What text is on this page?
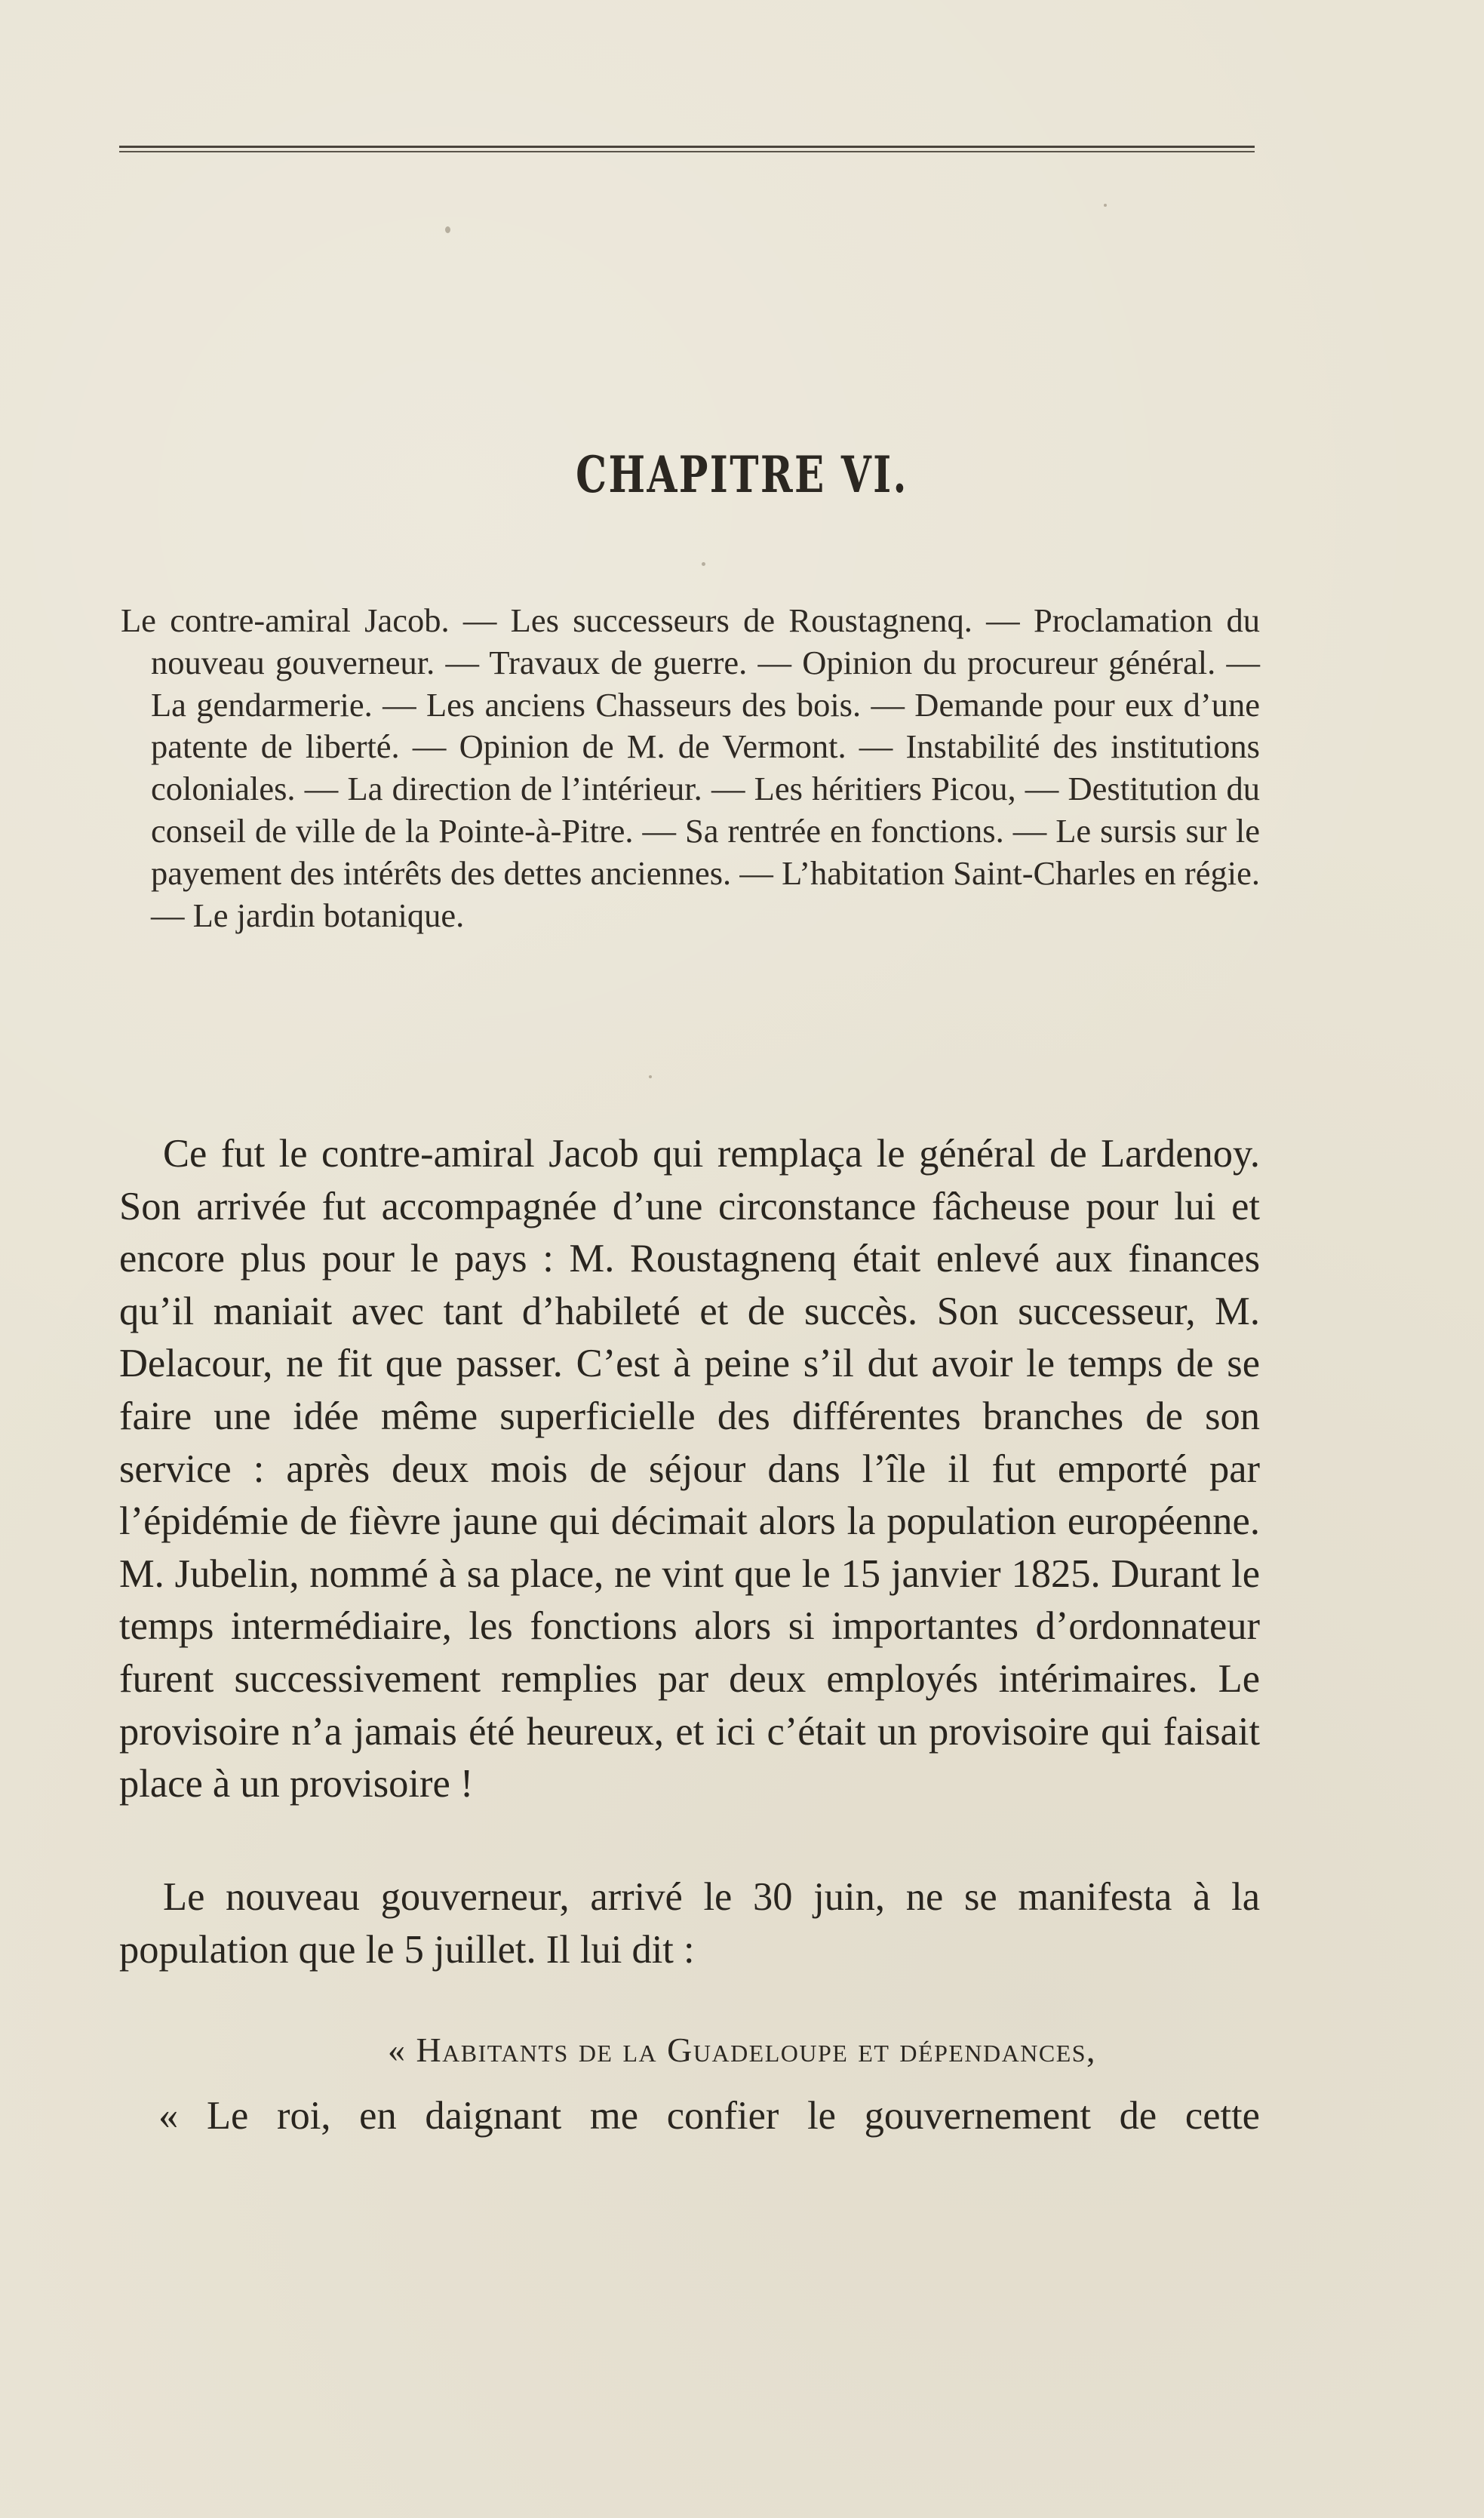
CHAPITRE VI.
Le contre-amiral Jacob. — Les successeurs de Roustagnenq. — Proclamation du nouveau gouverneur. — Travaux de guerre. — Opinion du procureur général. — La gendarmerie. — Les anciens Chasseurs des bois. — Demande pour eux d’une patente de liberté. — Opinion de M. de Vermont. — Instabilité des institutions coloniales. — La direction de l’intérieur. — Les héritiers Picou, — Destitution du conseil de ville de la Pointe-à-Pitre. — Sa rentrée en fonctions. — Le sursis sur le payement des intérêts des dettes anciennes. — L’habitation Saint-Charles en régie. — Le jardin botanique.
Ce fut le contre-amiral Jacob qui remplaça le général de Lardenoy. Son arrivée fut accompagnée d’une circonstance fâcheuse pour lui et encore plus pour le pays : M. Roustagnenq était enlevé aux finances qu’il maniait avec tant d’habileté et de succès. Son successeur, M. Delacour, ne fit que passer. C’est à peine s’il dut avoir le temps de se faire une idée même superficielle des différentes branches de son service : après deux mois de séjour dans l’île il fut emporté par l’épidémie de fièvre jaune qui décimait alors la population européenne. M. Jubelin, nommé à sa place, ne vint que le 15 janvier 1825. Durant le temps intermédiaire, les fonctions alors si importantes d’ordonnateur furent successivement remplies par deux employés intérimaires. Le provisoire n’a jamais été heureux, et ici c’était un provisoire qui faisait place à un provisoire !
Le nouveau gouverneur, arrivé le 30 juin, ne se manifesta à la population que le 5 juillet. Il lui dit :
« Habitants de la Guadeloupe et dépendances,
« Le roi, en daignant me confier le gouvernement de cette
